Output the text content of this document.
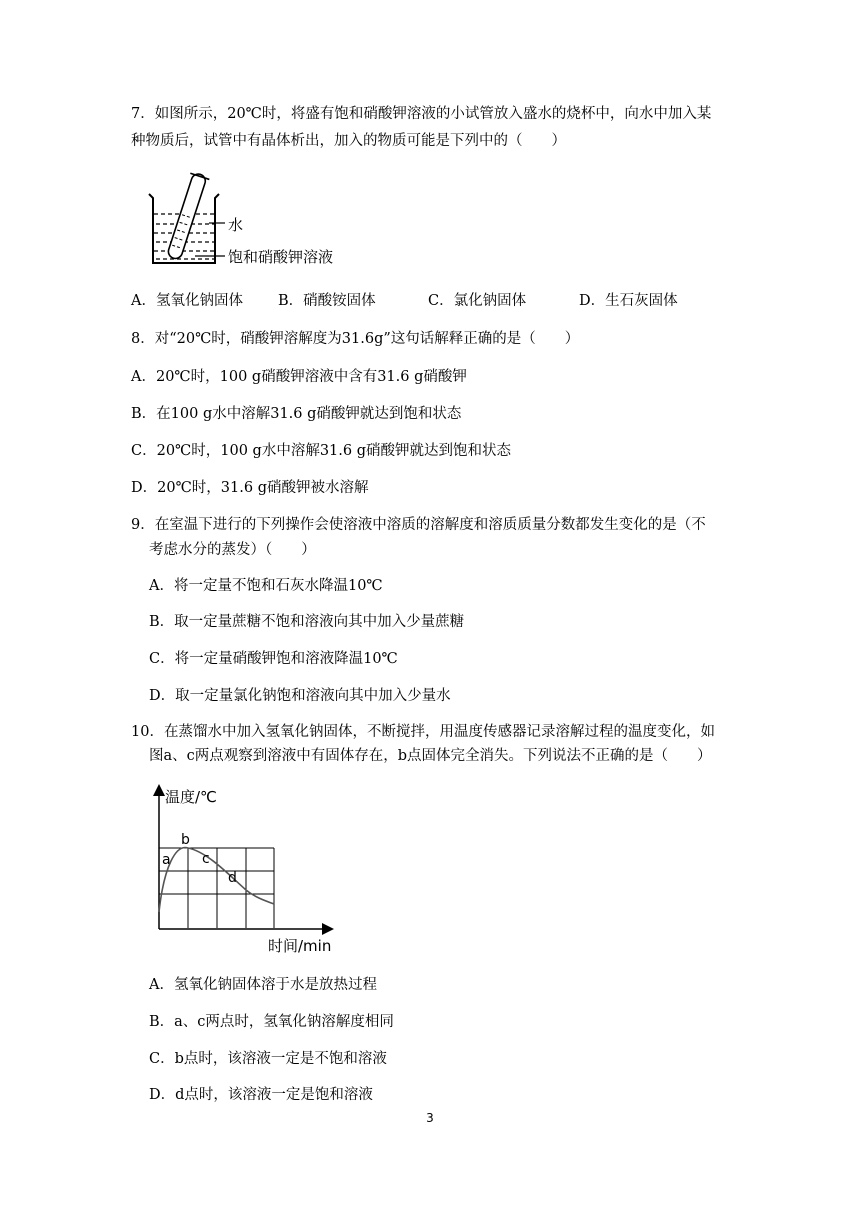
7．如图所示，20℃时，将盛有饱和硝酸钾溶液的小试管放入盛水的烧杯中，向水中加入某
种物质后，试管中有晶体析出，加入的物质可能是下列中的（　　）
水
饱和硝酸钾溶液
A．氢氧化钠固体 B．硝酸铵固体	C．氯化钠固体	D．生石灰固体
8．对“20℃时，硝酸钾溶解度为31.6g”这句话解释正确的是（　　）
A．20℃时，100 g硝酸钾溶液中含有31.6 g硝酸钾
B．在100 g水中溶解31.6 g硝酸钾就达到饱和状态
C．20℃时，100 g水中溶解31.6 g硝酸钾就达到饱和状态
D．20℃时，31.6 g硝酸钾被水溶解
9．在室温下进行的下列操作会使溶液中溶质的溶解度和溶质质量分数都发生变化的是（不
考虑水分的蒸发）（　　）
A．将一定量不饱和石灰水降温10℃
B．取一定量蔗糖不饱和溶液向其中加入少量蔗糖
C．将一定量硝酸钾饱和溶液降温10℃
D．取一定量氯化钠饱和溶液向其中加入少量水
10．在蒸馏水中加入氢氧化钠固体，不断搅拌，用温度传感器记录溶解过程的温度变化，如
图a、c两点观察到溶液中有固体存在，b点固体完全消失。下列说法不正确的是（　　）
温度/℃
b
a c
d
时间/min
A．氢氧化钠固体溶于水是放热过程
B．a、c两点时，氢氧化钠溶解度相同
C．b点时，该溶液一定是不饱和溶液
D．d点时，该溶液一定是饱和溶液
3
